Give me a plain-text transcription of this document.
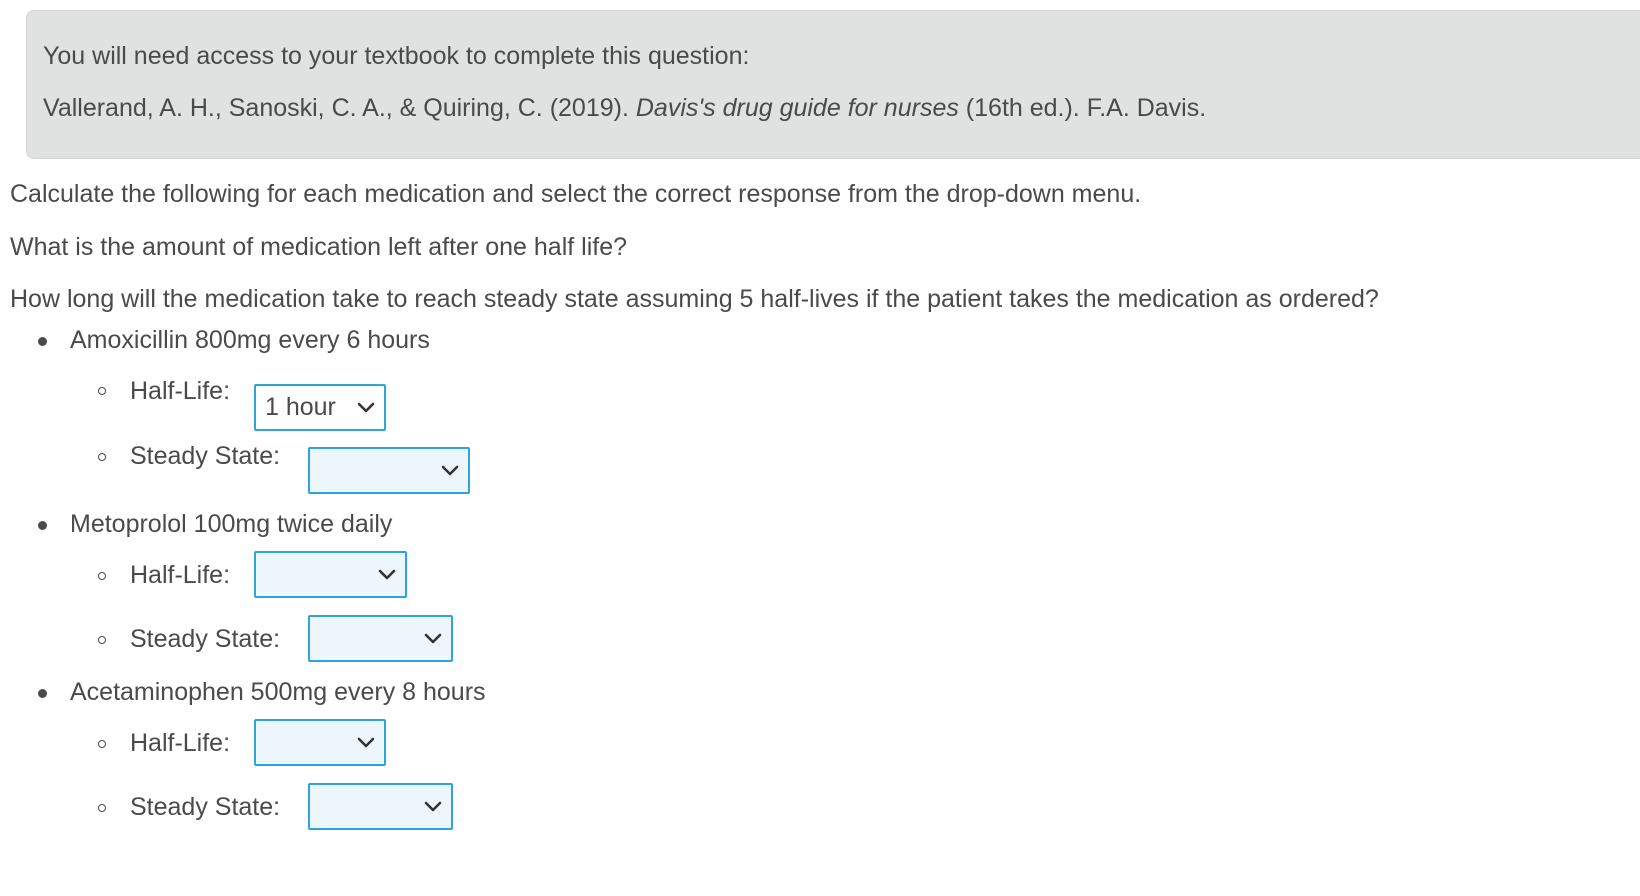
You will need access to your textbook to complete this question:
Vallerand, A. H., Sanoski, C. A., & Quiring, C. (2019). Davis's drug guide for nurses (16th ed.). F.A. Davis.
Calculate the following for each medication and select the correct response from the drop-down menu.
What is the amount of medication left after one half life?
How long will the medication take to reach steady state assuming 5 half-lives if the patient takes the medication as ordered?
Amoxicillin 800mg every 6 hours
Half-Life:
1 hour
Steady State:
Metoprolol 100mg twice daily
Half-Life:
Steady State:
Acetaminophen 500mg every 8 hours
Half-Life:
Steady State:
